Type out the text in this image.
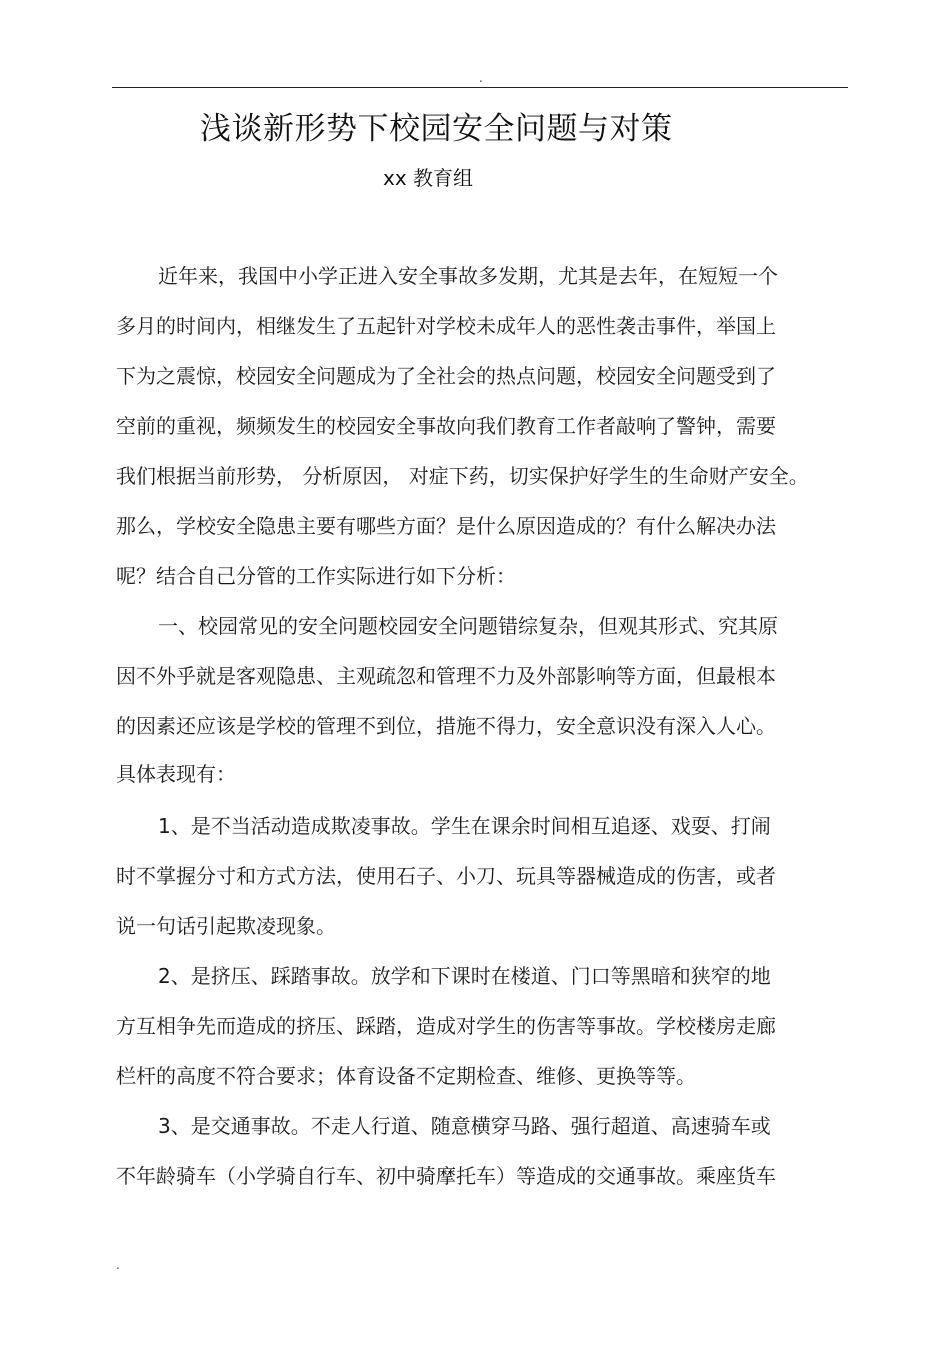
.
浅谈新形势下校园安全问题与对策
xx 教育组
近年来，我国中小学正进入安全事故多发期，尤其是去年，在短短一个
多月的时间内，相继发生了五起针对学校未成年人的恶性袭击事件，举国上
下为之震惊，校园安全问题成为了全社会的热点问题，校园安全问题受到了
空前的重视，频频发生的校园安全事故向我们教育工作者敲响了警钟，需要
我们根据当前形势， 分析原因， 对症下药，切实保护好学生的生命财产安全。
那么，学校安全隐患主要有哪些方面？是什么原因造成的？有什么解决办法
呢？结合自己分管的工作实际进行如下分析：
一、校园常见的安全问题校园安全问题错综复杂，但观其形式、究其原
因不外乎就是客观隐患、主观疏忽和管理不力及外部影响等方面，但最根本
的因素还应该是学校的管理不到位，措施不得力，安全意识没有深入人心。
具体表现有：
1、是不当活动造成欺凌事故。学生在课余时间相互追逐、戏耍、打闹
时不掌握分寸和方式方法，使用石子、小刀、玩具等器械造成的伤害，或者
说一句话引起欺凌现象。
2、是挤压、踩踏事故。放学和下课时在楼道、门口等黑暗和狭窄的地
方互相争先而造成的挤压、踩踏，造成对学生的伤害等事故。学校楼房走廊
栏杆的高度不符合要求；体育设备不定期检查、维修、更换等等。
3、是交通事故。不走人行道、随意横穿马路、强行超道、高速骑车或
不年龄骑车（小学骑自行车、初中骑摩托车）等造成的交通事故。乘座货车
.
